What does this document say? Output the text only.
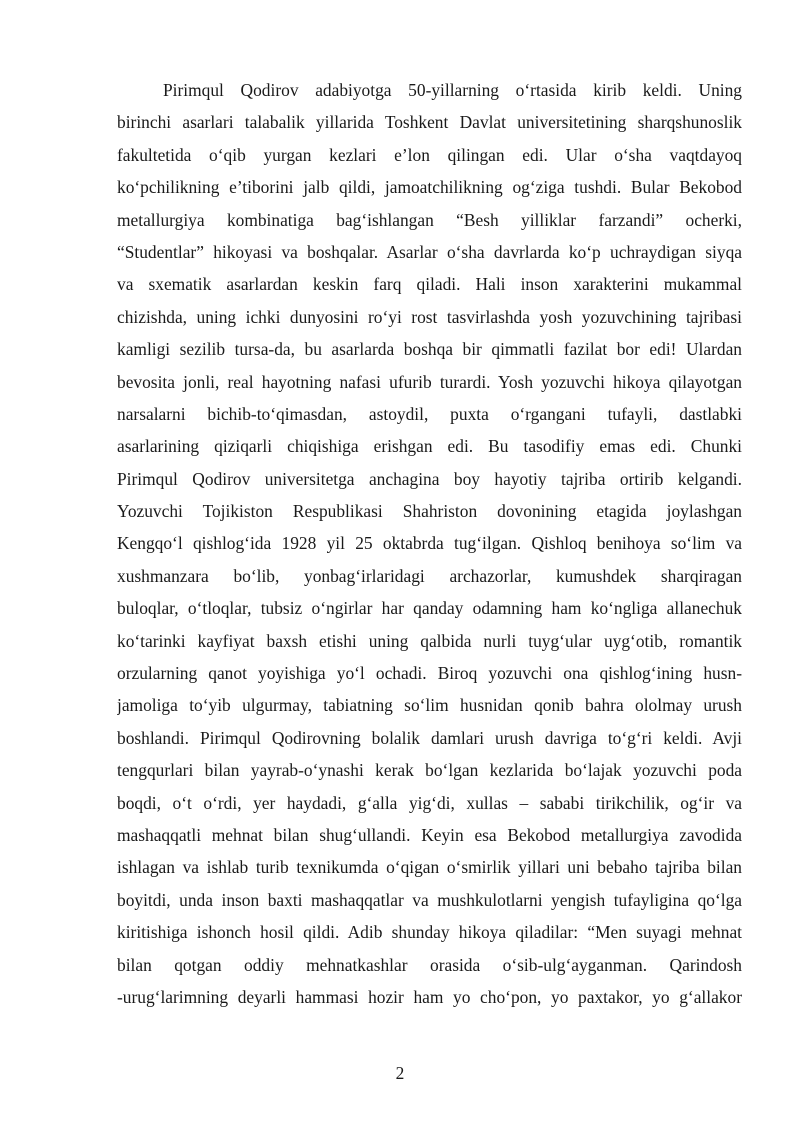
Pirimqul Qodirov adabiyotga 50-yillarning o‘rtasida kirib keldi. Uning
birinchi asarlari talabalik yillarida Toshkent Davlat universitetining sharqshunoslik
fakultetida o‘qib yurgan kezlari e’lon qilingan edi. Ular o‘sha vaqtdayoq
ko‘pchilikning e’tiborini jalb qildi, jamoatchilikning og‘ziga tushdi. Bular Bekobod
metallurgiya kombinatiga bag‘ishlangan “Besh yilliklar farzandi” ocherki,
“Studentlar” hikoyasi va boshqalar. Asarlar o‘sha davrlarda ko‘p uchraydigan siyqa
va sxematik asarlardan keskin farq qiladi. Hali inson xarakterini mukammal
chizishda, uning ichki dunyosini ro‘yi rost tasvirlashda yosh yozuvchining tajribasi
kamligi sezilib tursa-da, bu asarlarda boshqa bir qimmatli fazilat bor edi! Ulardan
bevosita jonli, real hayotning nafasi ufurib turardi. Yosh yozuvchi hikoya qilayotgan
narsalarni bichib-to‘qimasdan, astoydil, puxta o‘rgangani tufayli, dastlabki
asarlarining qiziqarli chiqishiga erishgan edi. Bu tasodifiy emas edi. Chunki
Pirimqul Qodirov universitetga anchagina boy hayotiy tajriba ortirib kelgandi.
Yozuvchi Tojikiston Respublikasi Shahriston dovonining etagida joylashgan
Kengqo‘l qishlog‘ida 1928 yil 25 oktabrda tug‘ilgan. Qishloq benihoya so‘lim va
xushmanzara bo‘lib, yonbag‘irlaridagi archazorlar, kumushdek sharqiragan
buloqlar, o‘tloqlar, tubsiz o‘ngirlar har qanday odamning ham ko‘ngliga allanechuk
ko‘tarinki kayfiyat baxsh etishi uning qalbida nurli tuyg‘ular uyg‘otib, romantik
orzularning qanot yoyishiga yo‘l ochadi. Biroq yozuvchi ona qishlog‘ining husn-
jamoliga to‘yib ulgurmay, tabiatning so‘lim husnidan qonib bahra ololmay urush
boshlandi. Pirimqul Qodirovning bolalik damlari urush davriga to‘g‘ri keldi. Avji
tengqurlari bilan yayrab-o‘ynashi kerak bo‘lgan kezlarida bo‘lajak yozuvchi poda
boqdi, o‘t o‘rdi, yer haydadi, g‘alla yig‘di, xullas – sababi tirikchilik, og‘ir va
mashaqqatli mehnat bilan shug‘ullandi. Keyin esa Bekobod metallurgiya zavodida
ishlagan va ishlab turib texnikumda o‘qigan o‘smirlik yillari uni bebaho tajriba bilan
boyitdi, unda inson baxti mashaqqatlar va mushkulotlarni yengish tufayligina qo‘lga
kiritishiga ishonch hosil qildi. Adib shunday hikoya qiladilar: “Men suyagi mehnat
bilan qotgan oddiy mehnatkashlar orasida o‘sib-ulg‘ayganman. Qarindosh
-urug‘larimning deyarli hammasi hozir ham yo cho‘pon, yo paxtakor, yo g‘allakor
2
